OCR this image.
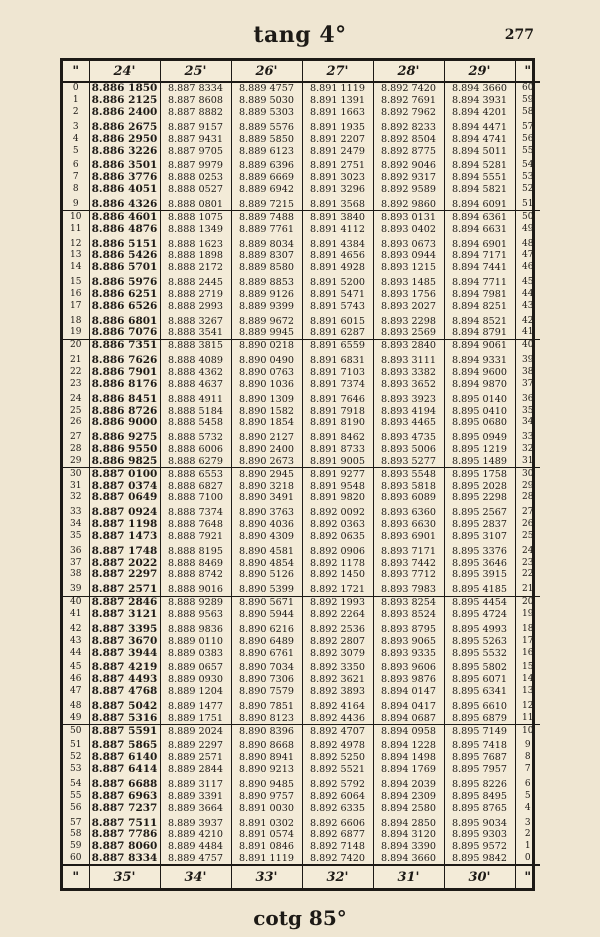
tang 4°	277
"	24'	25'	26'	27'	28'	29'	"
0	8.886 1850	8.887 8334	8.889 4757	8.891 1119	8.892 7420	8.894 3660	60
1	8.886 2125	8.887 8608	8.889 5030	8.891 1391	8.892 7691	8.894 3931	59
2	8.886 2400	8.887 8882	8.889 5303	8.891 1663	8.892 7962	8.894 4201	58
3	8.886 2675	8.887 9157	8.889 5576	8.891 1935	8.892 8233	8.894 4471	57
4	8.886 2950	8.887 9431	8.889 5850	8.891 2207	8.892 8504	8.894 4741	56
5	8.886 3226	8.887 9705	8.889 6123	8.891 2479	8.892 8775	8.894 5011	55
6	8.886 3501	8.887 9979	8.889 6396	8.891 2751	8.892 9046	8.894 5281	54
7	8.886 3776	8.888 0253	8.889 6669	8.891 3023	8.892 9317	8.894 5551	53
8	8.886 4051	8.888 0527	8.889 6942	8.891 3296	8.892 9589	8.894 5821	52
9	8.886 4326	8.888 0801	8.889 7215	8.891 3568	8.892 9860	8.894 6091	51
10	8.886 4601	8.888 1075	8.889 7488	8.891 3840	8.893 0131	8.894 6361	50
11	8.886 4876	8.888 1349	8.889 7761	8.891 4112	8.893 0402	8.894 6631	49
12	8.886 5151	8.888 1623	8.889 8034	8.891 4384	8.893 0673	8.894 6901	48
13	8.886 5426	8.888 1898	8.889 8307	8.891 4656	8.893 0944	8.894 7171	47
14	8.886 5701	8.888 2172	8.889 8580	8.891 4928	8.893 1215	8.894 7441	46
15	8.886 5976	8.888 2445	8.889 8853	8.891 5200	8.893 1485	8.894 7711	45
16	8.886 6251	8.888 2719	8.889 9126	8.891 5471	8.893 1756	8.894 7981	44
17	8.886 6526	8.888 2993	8.889 9399	8.891 5743	8.893 2027	8.894 8251	43
18	8.886 6801	8.888 3267	8.889 9672	8.891 6015	8.893 2298	8.894 8521	42
19	8.886 7076	8.888 3541	8.889 9945	8.891 6287	8.893 2569	8.894 8791	41
20	8.886 7351	8.888 3815	8.890 0218	8.891 6559	8.893 2840	8.894 9061	40
21	8.886 7626	8.888 4089	8.890 0490	8.891 6831	8.893 3111	8.894 9331	39
22	8.886 7901	8.888 4362	8.890 0763	8.891 7103	8.893 3382	8.894 9600	38
23	8.886 8176	8.888 4637	8.890 1036	8.891 7374	8.893 3652	8.894 9870	37
24	8.886 8451	8.888 4911	8.890 1309	8.891 7646	8.893 3923	8.895 0140	36
25	8.886 8726	8.888 5184	8.890 1582	8.891 7918	8.893 4194	8.895 0410	35
26	8.886 9000	8.888 5458	8.890 1854	8.891 8190	8.893 4465	8.895 0680	34
27	8.886 9275	8.888 5732	8.890 2127	8.891 8462	8.893 4735	8.895 0949	33
28	8.886 9550	8.888 6006	8.890 2400	8.891 8733	8.893 5006	8.895 1219	32
29	8.886 9825	8.888 6279	8.890 2673	8.891 9005	8.893 5277	8.895 1489	31
30	8.887 0100	8.888 6553	8.890 2945	8.891 9277	8.893 5548	8.895 1758	30
31	8.887 0374	8.888 6827	8.890 3218	8.891 9548	8.893 5818	8.895 2028	29
32	8.887 0649	8.888 7100	8.890 3491	8.891 9820	8.893 6089	8.895 2298	28
33	8.887 0924	8.888 7374	8.890 3763	8.892 0092	8.893 6360	8.895 2567	27
34	8.887 1198	8.888 7648	8.890 4036	8.892 0363	8.893 6630	8.895 2837	26
35	8.887 1473	8.888 7921	8.890 4309	8.892 0635	8.893 6901	8.895 3107	25
36	8.887 1748	8.888 8195	8.890 4581	8.892 0906	8.893 7171	8.895 3376	24
37	8.887 2022	8.888 8469	8.890 4854	8.892 1178	8.893 7442	8.895 3646	23
38	8.887 2297	8.888 8742	8.890 5126	8.892 1450	8.893 7712	8.895 3915	22
39	8.887 2571	8.888 9016	8.890 5399	8.892 1721	8.893 7983	8.895 4185	21
40	8.887 2846	8.888 9289	8.890 5671	8.892 1993	8.893 8254	8.895 4454	20
41	8.887 3121	8.888 9563	8.890 5944	8.892 2264	8.893 8524	8.895 4724	19
42	8.887 3395	8.888 9836	8.890 6216	8.892 2536	8.893 8795	8.895 4993	18
43	8.887 3670	8.889 0110	8.890 6489	8.892 2807	8.893 9065	8.895 5263	17
44	8.887 3944	8.889 0383	8.890 6761	8.892 3079	8.893 9335	8.895 5532	16
45	8.887 4219	8.889 0657	8.890 7034	8.892 3350	8.893 9606	8.895 5802	15
46	8.887 4493	8.889 0930	8.890 7306	8.892 3621	8.893 9876	8.895 6071	14
47	8.887 4768	8.889 1204	8.890 7579	8.892 3893	8.894 0147	8.895 6341	13
48	8.887 5042	8.889 1477	8.890 7851	8.892 4164	8.894 0417	8.895 6610	12
49	8.887 5316	8.889 1751	8.890 8123	8.892 4436	8.894 0687	8.895 6879	11
50	8.887 5591	8.889 2024	8.890 8396	8.892 4707	8.894 0958	8.895 7149	10
51	8.887 5865	8.889 2297	8.890 8668	8.892 4978	8.894 1228	8.895 7418	9
52	8.887 6140	8.889 2571	8.890 8941	8.892 5250	8.894 1498	8.895 7687	8
53	8.887 6414	8.889 2844	8.890 9213	8.892 5521	8.894 1769	8.895 7957	7
54	8.887 6688	8.889 3117	8.890 9485	8.892 5792	8.894 2039	8.895 8226	6
55	8.887 6963	8.889 3391	8.890 9757	8.892 6064	8.894 2309	8.895 8495	5
56	8.887 7237	8.889 3664	8.891 0030	8.892 6335	8.894 2580	8.895 8765	4
57	8.887 7511	8.889 3937	8.891 0302	8.892 6606	8.894 2850	8.895 9034	3
58	8.887 7786	8.889 4210	8.891 0574	8.892 6877	8.894 3120	8.895 9303	2
59	8.887 8060	8.889 4484	8.891 0846	8.892 7148	8.894 3390	8.895 9572	1
60	8.887 8334	8.889 4757	8.891 1119	8.892 7420	8.894 3660	8.895 9842	0
"	35'	34'	33'	32'	31'	30'	"
cotg 85°
